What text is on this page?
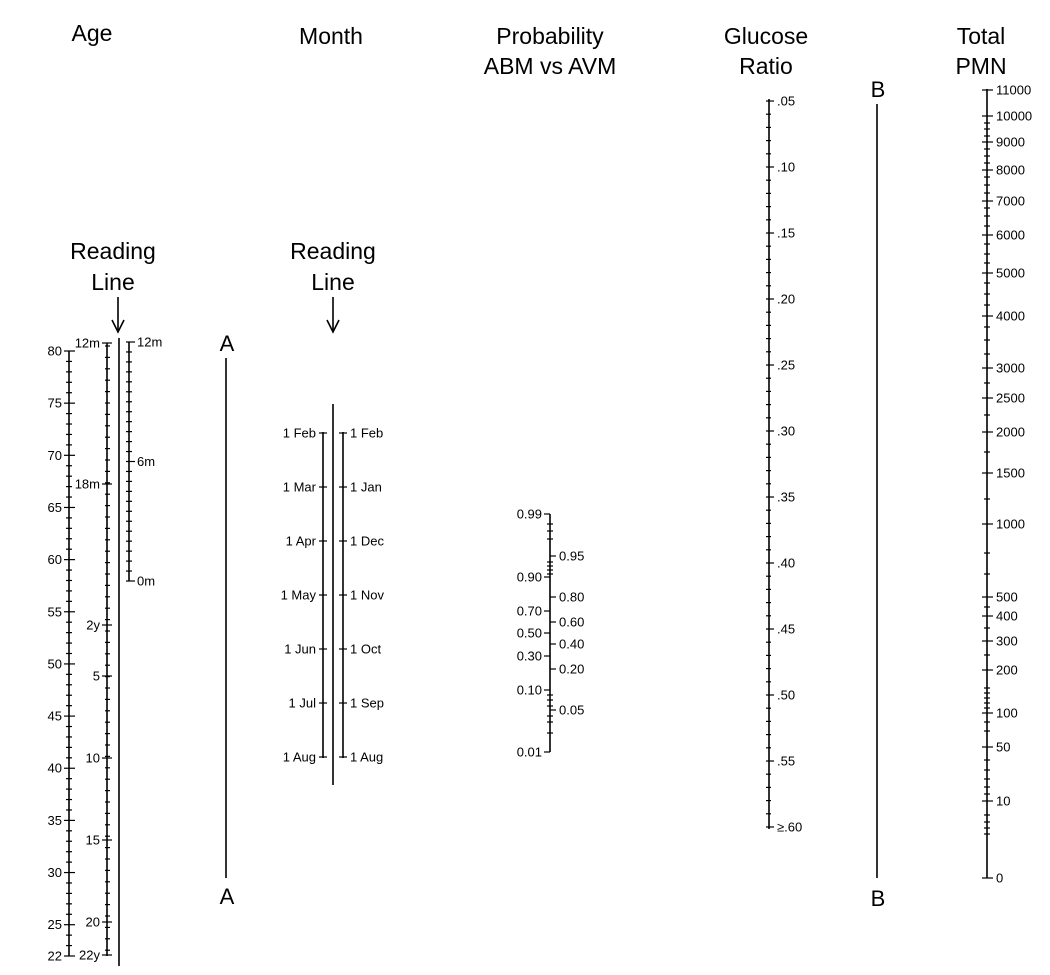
Age	Month	Probability
ABM vs AVM
Glucose
Ratio
Total
PMN
Reading
Line
Reading
Line
A
A
B
B
80
75
70
65
60
55
50
45
40
35
30
25
22
12m
18m
2y
5
10
15
20
22y
12m
6m
0m
1 Feb
1 Mar
1 Apr
1 May
1 Jun
1 Jul
1 Aug
1 Feb
1 Jan
1 Dec
1 Nov
1 Oct
1 Sep
1 Aug
0.99
0.90
0.70
0.50
0.30
0.10
0.01
0.95
0.80
0.60
0.40
0.20
0.05
.05
.10
.15
.20
.25
.30
.35
.40
.45
.50
.55
≥.60
11000
10000
9000
8000
7000
6000
5000
4000
3000
2500
2000
1500
1000
500
400
300
200
100
50
10
0
